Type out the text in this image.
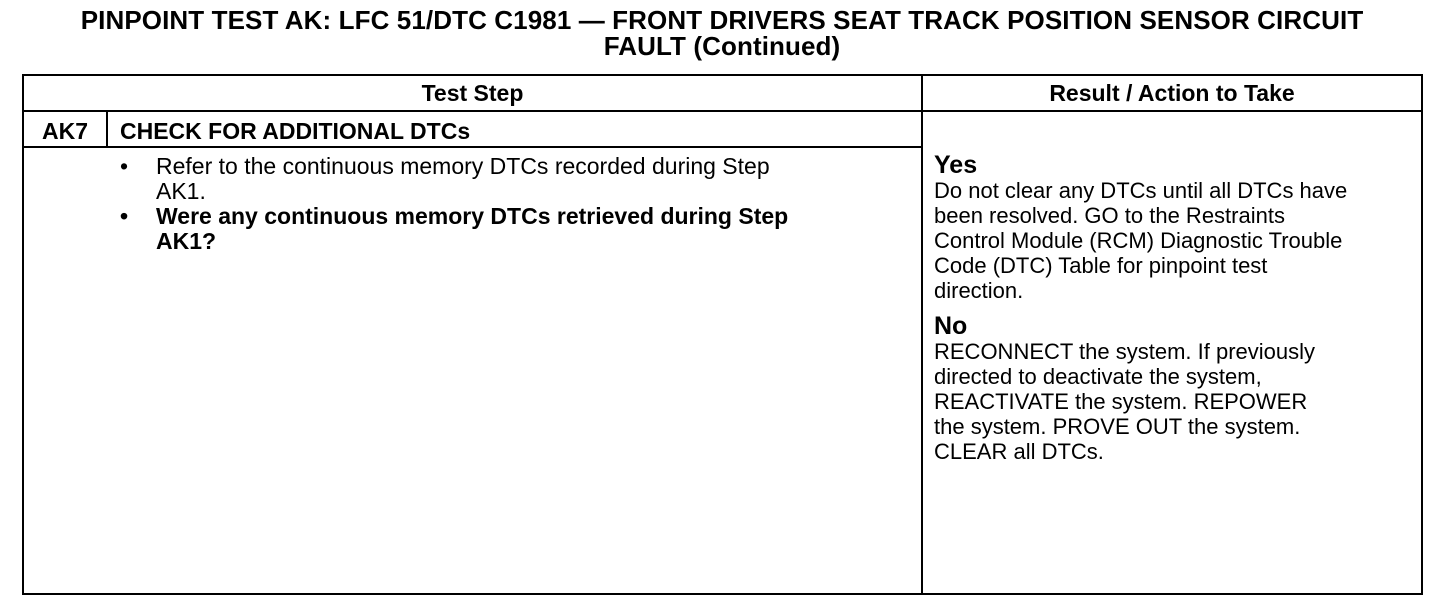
PINPOINT TEST AK: LFC 51/DTC C1981 — FRONT DRIVERS SEAT TRACK POSITION SENSOR CIRCUIT
FAULT (Continued)
Test Step	Result / Action to Take
AK7	CHECK FOR ADDITIONAL DTCs
• Refer to the continuous memory DTCs recorded during Step
AK1.
• Were any continuous memory DTCs retrieved during Step
AK1?
Yes
Do not clear any DTCs until all DTCs have
been resolved. GO to the Restraints
Control Module (RCM) Diagnostic Trouble
Code (DTC) Table for pinpoint test
direction.
No
RECONNECT the system. If previously
directed to deactivate the system,
REACTIVATE the system. REPOWER
the system. PROVE OUT the system.
CLEAR all DTCs.
